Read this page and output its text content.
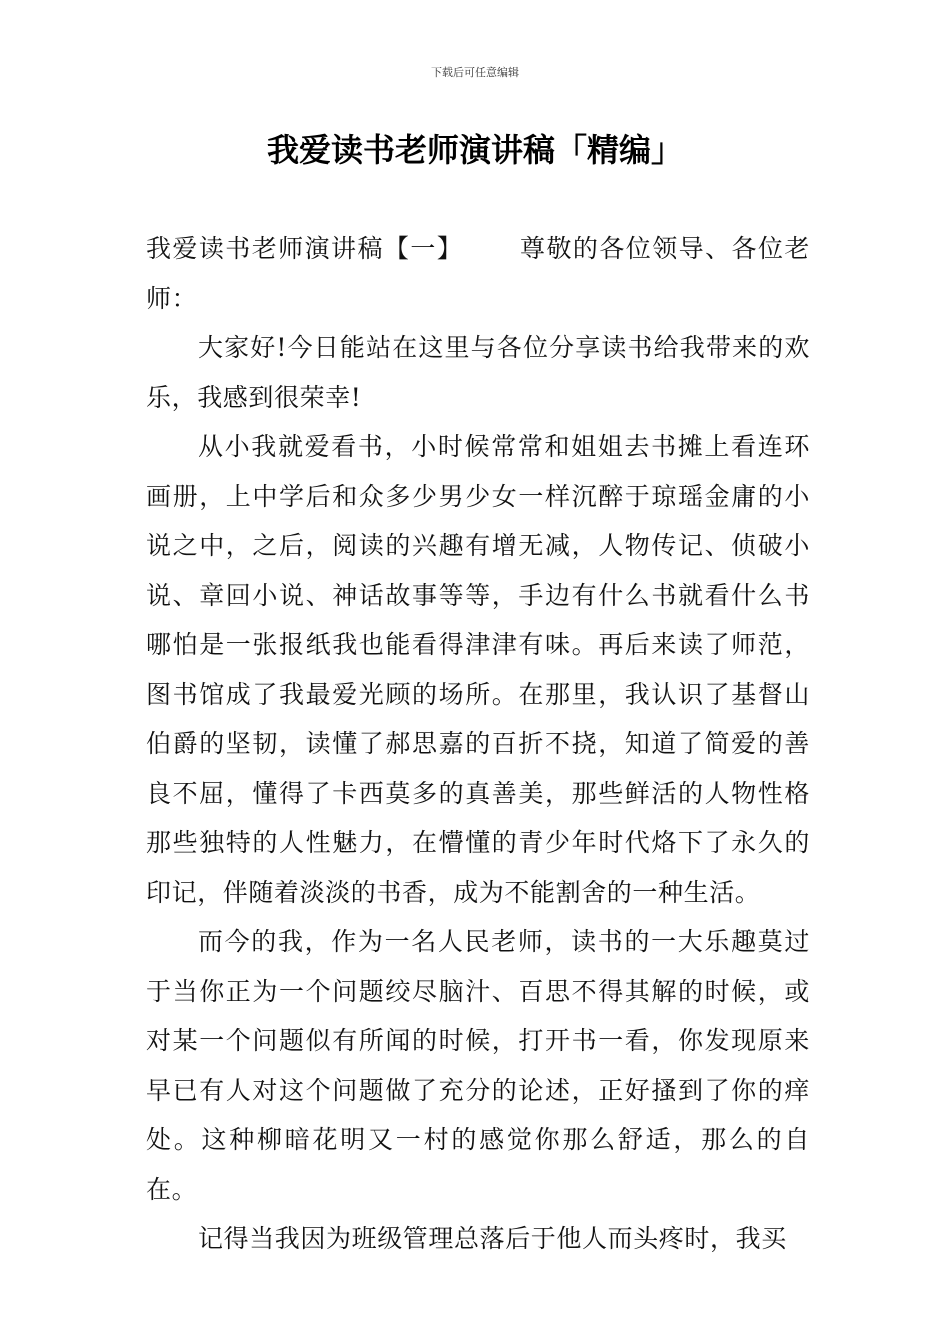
下载后可任意编辑
我爱读书老师演讲稿「精编」

我爱读书老师演讲稿【一】 尊敬的各位领导、各位老师：

大家好!今日能站在这里与各位分享读书给我带来的欢乐，我感到很荣幸!

从小我就爱看书，小时候常常和姐姐去书摊上看连环画册，上中学后和众多少男少女一样沉醉于琼瑶金庸的小说之中，之后，阅读的兴趣有增无减，人物传记、侦破小说、章回小说、神话故事等等，手边有什么书就看什么书哪怕是一张报纸我也能看得津津有味。再后来读了师范，图书馆成了我最爱光顾的场所。在那里，我认识了基督山伯爵的坚韧，读懂了郝思嘉的百折不挠，知道了简爱的善良不屈，懂得了卡西莫多的真善美，那些鲜活的人物性格那些独特的人性魅力，在懵懂的青少年时代烙下了永久的印记，伴随着淡淡的书香，成为不能割舍的一种生活。

而今的我，作为一名人民老师，读书的一大乐趣莫过于当你正为一个问题绞尽脑汁、百思不得其解的时候，或对某一个问题似有所闻的时候，打开书一看，你发现原来早已有人对这个问题做了充分的论述，正好搔到了你的痒处。这种柳暗花明又一村的感觉你那么舒适，那么的自在。

记得当我因为班级管理总落后于他人而头疼时，我买
